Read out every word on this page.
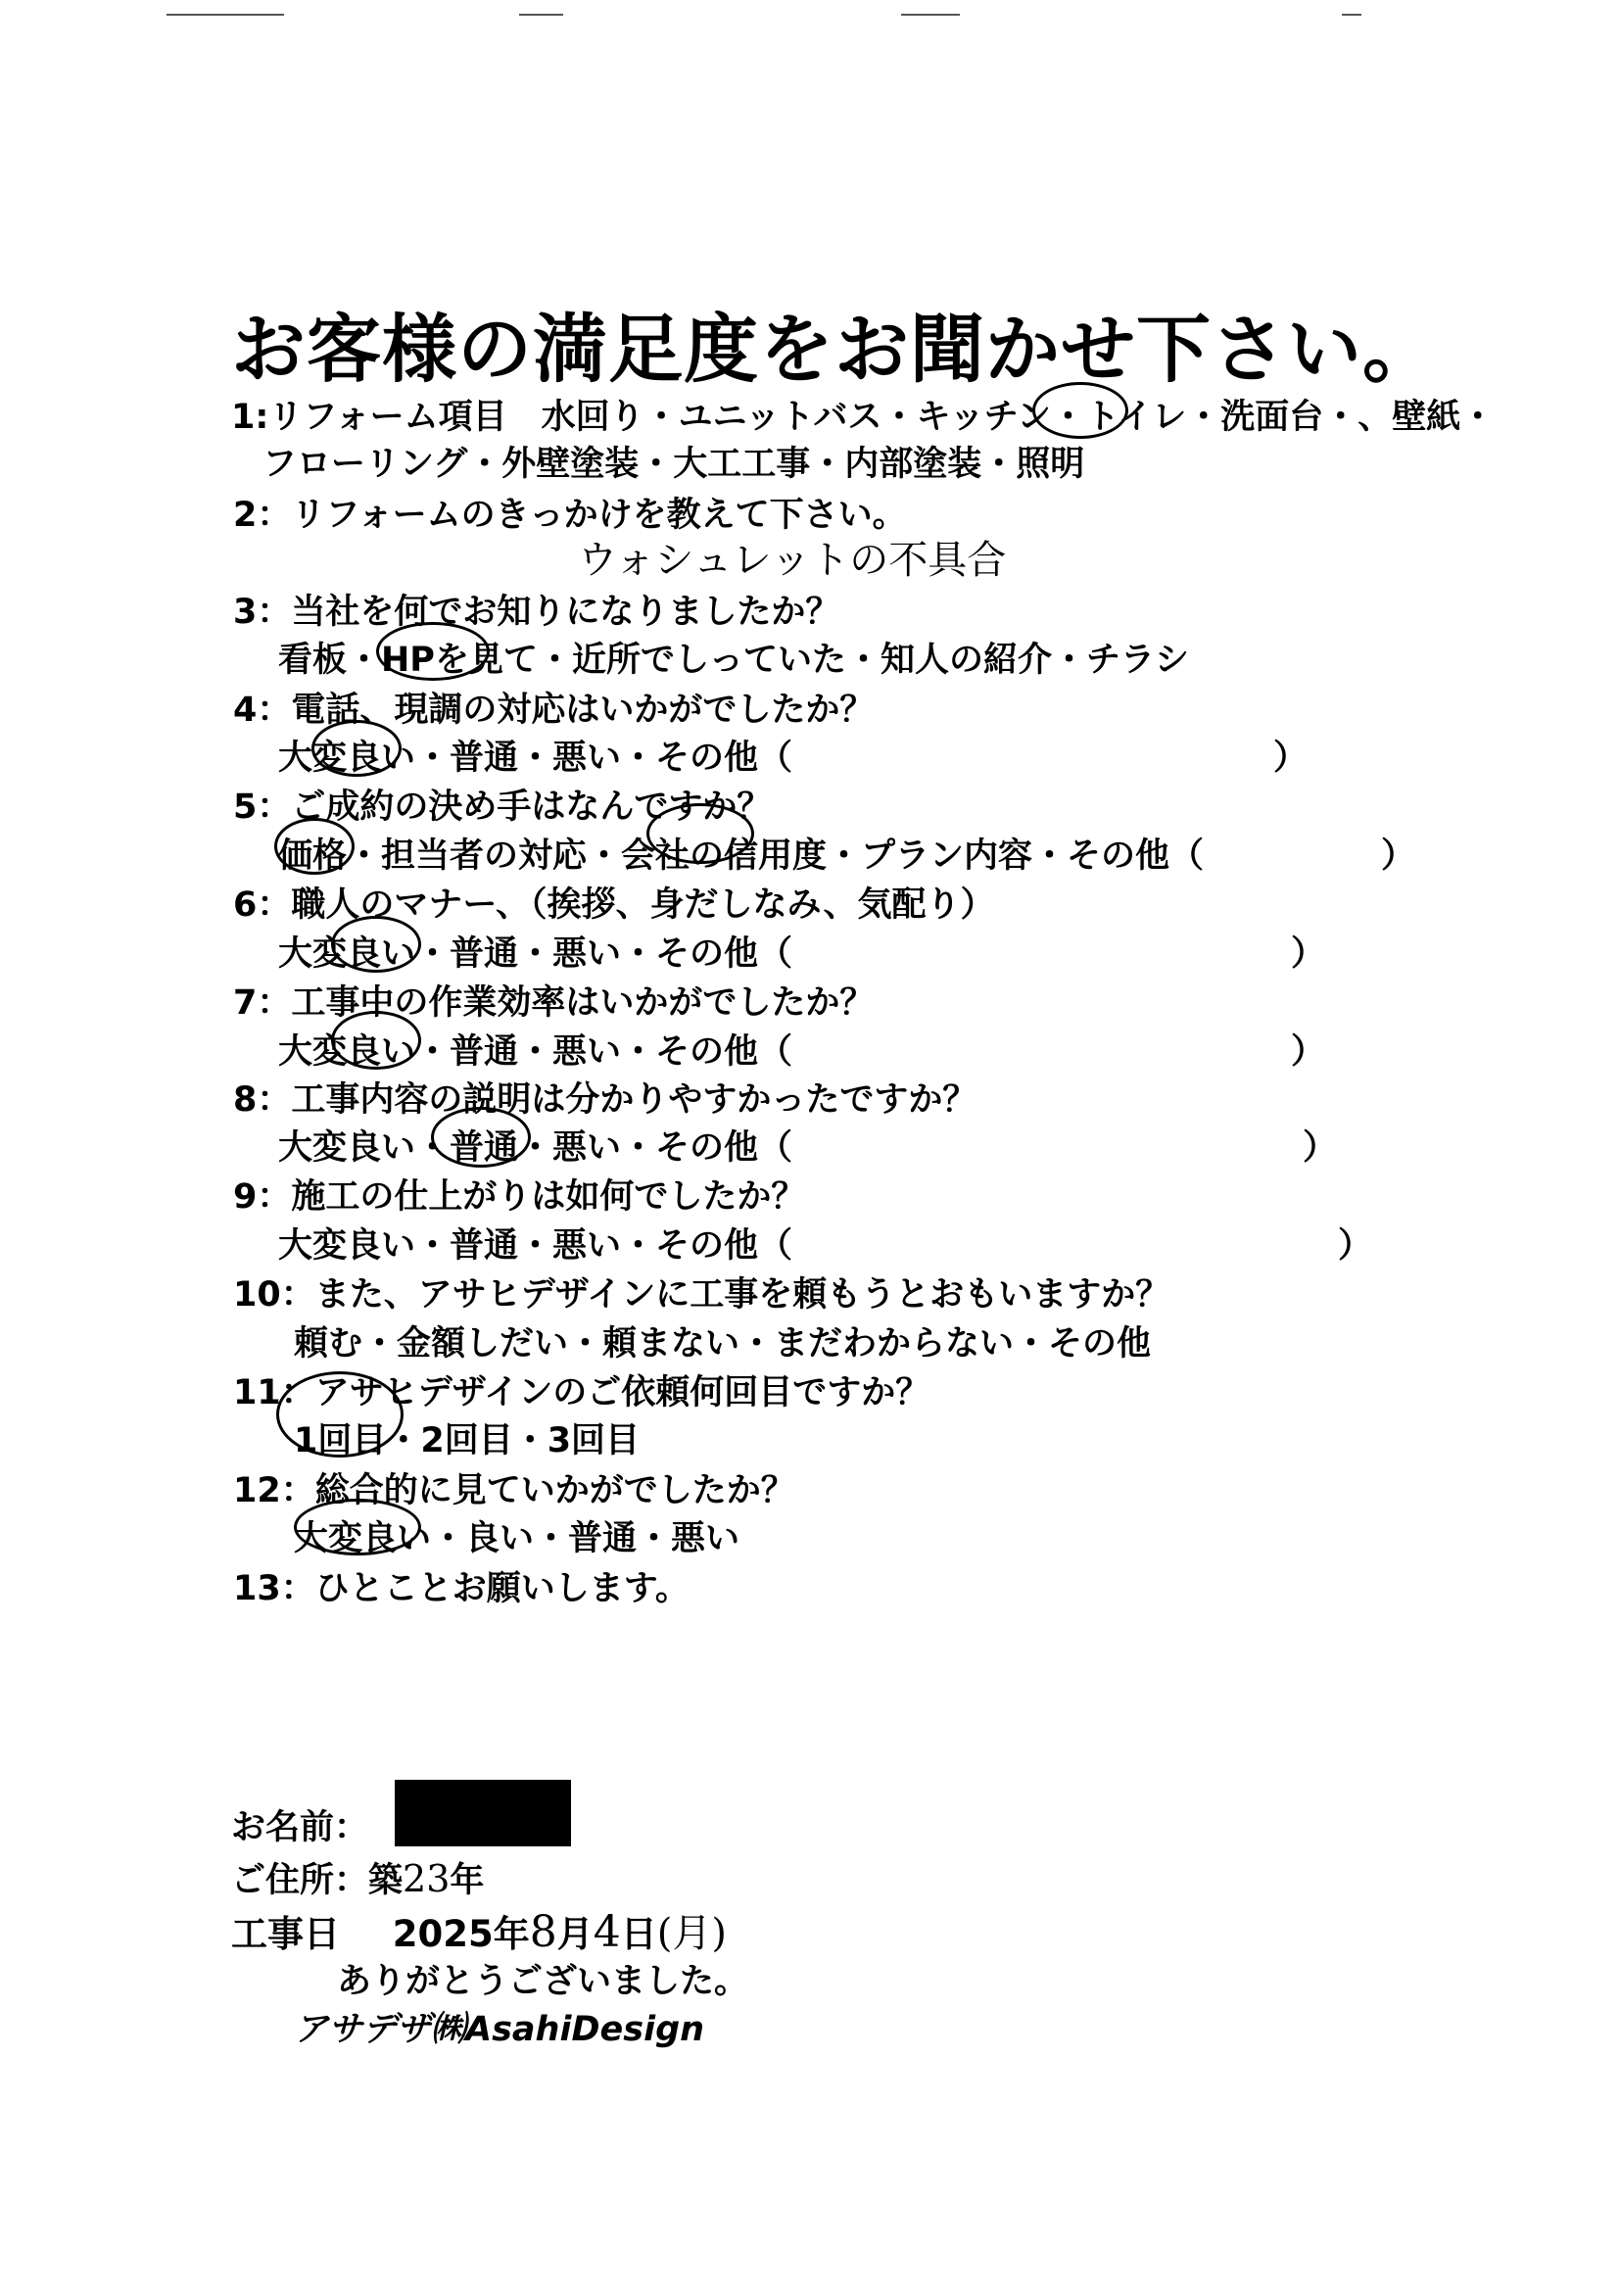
お客様の満足度をお聞かせ下さい。
1:リフォーム項目　水回り・ユニットバス・キッチン・トイレ・洗面台・、壁紙・
フローリング・外壁塗装・大工工事・内部塗装・照明
2：リフォームのきっかけを教えて下さい。
ウォシュレットの不具合
3：当社を何でお知りになりましたか？
看板・HPを見て・近所でしっていた・知人の紹介・チラシ
4：電話、現調の対応はいかがでしたか？
大変良い・普通・悪い・その他（	）
5：ご成約の決め手はなんですか？
価格・担当者の対応・会社の信用度・プラン内容・その他（	）
6：職人のマナー、（挨拶、身だしなみ、気配り）
大変良い・普通・悪い・その他（	）
7：工事中の作業効率はいかがでしたか？
大変良い・普通・悪い・その他（	）
8：工事内容の説明は分かりやすかったですか？
大変良い・普通・悪い・その他（	）
9：施工の仕上がりは如何でしたか？
大変良い・普通・悪い・その他（	）
10：また、アサヒデザインに工事を頼もうとおもいますか？
頼む・金額しだい・頼まない・まだわからない・その他
11：アサヒデザインのご依頼何回目ですか？
1回目・2回目・3回目
12：総合的に見ていかがでしたか？
大変良い・良い・普通・悪い
13：ひとことお願いします。
お名前：
ご住所：築23年
工事日 2025年8月4日(月)
ありがとうございました。
アサデザ㈱AsahiDesign
